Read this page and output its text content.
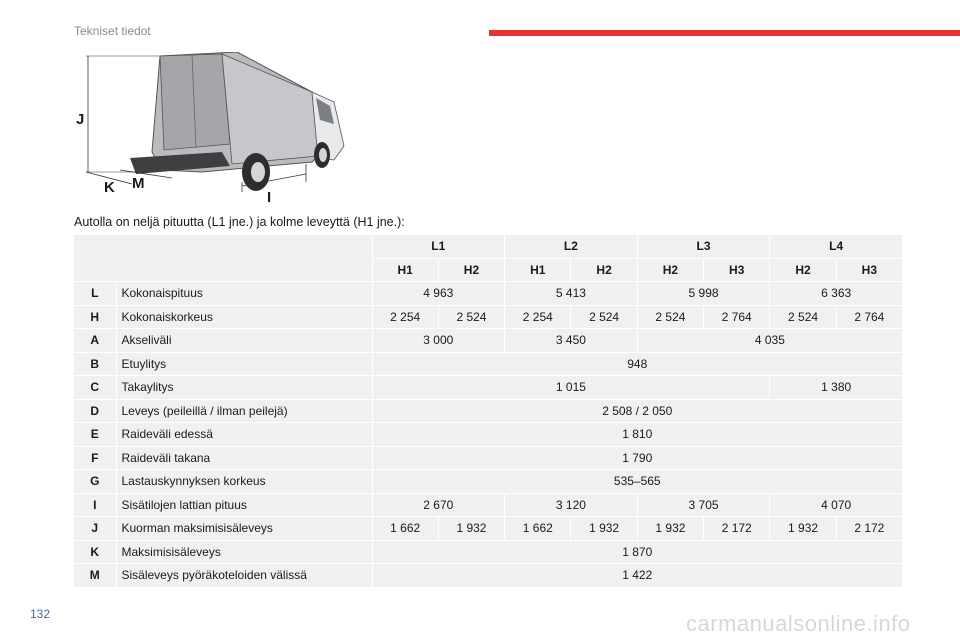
Tekniset tiedot
J
K M
I
Autolla on neljä pituutta (L1 jne.) ja kolme leveyttä (H1 jne.):
		L1		L2		L3		L4	
		H1	H2	H1	H2	H2	H3	H2	H3
L	Kokonaispituus	4 963		5 413		5 998		6 363	
H	Kokonaiskorkeus	2 254	2 524	2 254	2 524	2 524	2 764	2 524	2 764
A	Akseliväli	3 000		3 450		4 035			
B	Etuylitys	948							
C	Takaylitys	1 015						1 380	
D	Leveys (peileillä / ilman peilejä)	2 508 / 2 050							
E	Raideväli edessä	1 810							
F	Raideväli takana	1 790							
G	Lastauskynnyksen korkeus	535–565							
I	Sisätilojen lattian pituus	2 670		3 120		3 705		4 070	
J	Kuorman maksimisisäleveys	1 662	1 932	1 662	1 932	1 932	2 172	1 932	2 172
K	Maksimisisäleveys	1 870							
M	Sisäleveys pyöräkoteloiden välissä	1 422							
132	carmanualsonline.info
